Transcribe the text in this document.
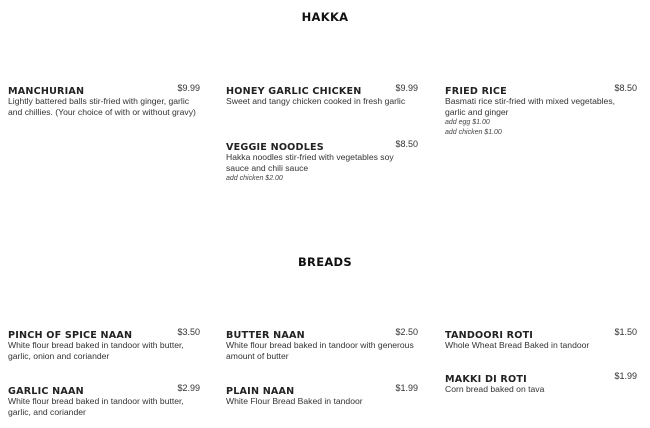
HAKKA
MANCHURIAN	$9.99
Lightly battered balls stir-fried with ginger, garlic and chillies. (Your choice of with or without gravy)
HONEY GARLIC CHICKEN	$9.99
Sweet and tangy chicken cooked in fresh garlic
FRIED RICE	$8.50
Basmati rice stir-fried with mixed vegetables, garlic and ginger
add egg $1.00
add chicken $1.00
VEGGIE NOODLES	$8.50
Hakka noodles stir-fried with vegetables soy sauce and chili sauce
add chicken $2.00
BREADS
PINCH OF SPICE NAAN	$3.50
White flour bread baked in tandoor with butter, garlic, onion and coriander
BUTTER NAAN	$2.50
White flour bread baked in tandoor with generous amount of butter
TANDOORI ROTI	$1.50
Whole Wheat Bread Baked in tandoor
GARLIC NAAN	$2.99
White flour bread baked in tandoor with butter, garlic, and coriander
PLAIN NAAN	$1.99
White Flour Bread Baked in tandoor
MAKKI DI ROTI	$1.99
Corn bread baked on tava
